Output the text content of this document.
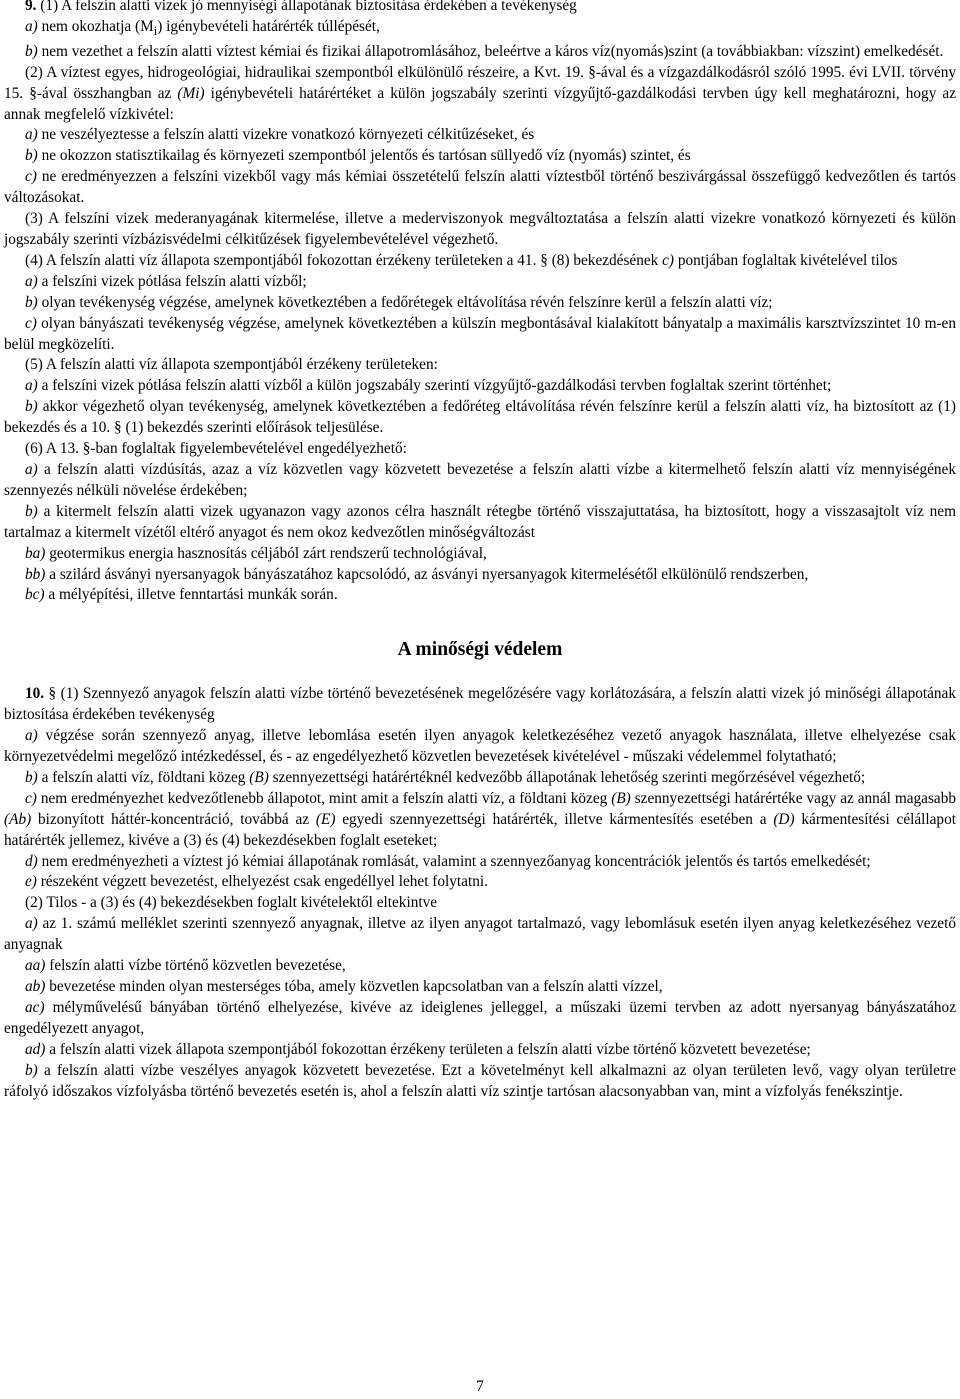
9. (1) A felszín alatti vizek jó mennyiségi állapotának biztosítása érdekében a tevékenység

a) nem okozhatja $(M_i)$ igénybevételi határérték túllépését,

b) nem vezethet a felszín alatti víztest kémiai és fizikai állapotromlásához, beleértve a káros víz(nyomás)szint (a továbbiakban: vízszint) emelkedését.

(2) A víztest egyes, hidrogeológiai, hidraulikai szempontból elkülönülő részeire, a Kvt. 19. §-ával és a vízgazdálkodásról szóló 1995. évi LVII. törvény 15. §-ával összhangban az (Mi) igénybevételi határértéket a külön jogszabály szerinti vízgyűjtő-gazdálkodási tervben úgy kell meghatározni, hogy az annak megfelelő vízkivétel:

a) ne veszélyeztesse a felszín alatti vizekre vonatkozó környezeti célkitűzéseket, és

b) ne okozzon statisztikailag és környezeti szempontból jelentős és tartósan süllyedő víz (nyomás) szintet, és

c) ne eredményezzen a felszíni vizekből vagy más kémiai összetételű felszín alatti víztestből történő beszivárgással összefüggő kedvezőtlen és tartós változásokat.

(3) A felszíni vizek mederanyagának kitermelése, illetve a mederviszonyok megváltoztatása a felszín alatti vizekre vonatkozó környezeti és külön jogszabály szerinti vízbázisvédelmi célkitűzések figyelembevételével végezhető.

(4) A felszín alatti víz állapota szempontjából fokozottan érzékeny területeken a 41. § (8) bekezdésének c) pontjában foglaltak kivételével tilos

a) a felszíni vizek pótlása felszín alatti vízből;

b) olyan tevékenység végzése, amelynek következtében a fedőrétegek eltávolítása révén felszínre kerül a felszín alatti víz;

c) olyan bányászati tevékenység végzése, amelynek következtében a külszín megbontásával kialakított bányatalp a maximális karsztvízszintet 10 m-en belül megközelíti.

(5) A felszín alatti víz állapota szempontjából érzékeny területeken:

a) a felszíni vizek pótlása felszín alatti vízből a külön jogszabály szerinti vízgyűjtő-gazdálkodási tervben foglaltak szerint történhet;

b) akkor végezhető olyan tevékenység, amelynek következtében a fedőréteg eltávolítása révén felszínre kerül a felszín alatti víz, ha biztosított az (1) bekezdés és a 10. § (1) bekezdés szerinti előírások teljesülése.

(6) A 13. §-ban foglaltak figyelembevételével engedélyezhető:

a) a felszín alatti vízdúsítás, azaz a víz közvetlen vagy közvetett bevezetése a felszín alatti vízbe a kitermelhető felszín alatti víz mennyiségének szennyezés nélküli növelése érdekében;

b) a kitermelt felszín alatti vizek ugyanazon vagy azonos célra használt rétegbe történő visszajuttatása, ha biztosított, hogy a visszasajtolt víz nem tartalmaz a kitermelt vízétől eltérő anyagot és nem okoz kedvezőtlen minőségváltozást

ba) geotermikus energia hasznosítás céljából zárt rendszerű technológiával,

bb) a szilárd ásványi nyersanyagok bányászatához kapcsolódó, az ásványi nyersanyagok kitermelésétől elkülönülő rendszerben,

bc) a mélyépítési, illetve fenntartási munkák során.

A minőségi védelem

10. § (1) Szennyező anyagok felszín alatti vízbe történő bevezetésének megelőzésére vagy korlátozására, a felszín alatti vizek jó minőségi állapotának biztosítása érdekében tevékenység

a) végzése során szennyező anyag, illetve lebomlása esetén ilyen anyagok keletkezéséhez vezető anyagok használata, illetve elhelyezése csak környezetvédelmi megelőző intézkedéssel, és - az engedélyezhető közvetlen bevezetések kivételével - műszaki védelemmel folytatható;

b) a felszín alatti víz, földtani közeg (B) szennyezettségi határértéknél kedvezőbb állapotának lehetőség szerinti megőrzésével végezhető;

c) nem eredményezhet kedvezőtlenebb állapotot, mint amit a felszín alatti víz, a földtani közeg (B) szennyezettségi határértéke vagy az annál magasabb (Ab) bizonyított háttér-koncentráció, továbbá az (E) egyedi szennyezettségi határérték, illetve kármentesítés esetében a (D) kármentesítési célállapot határérték jellemez, kivéve a (3) és (4) bekezdésekben foglalt eseteket;

d) nem eredményezheti a víztest jó kémiai állapotának romlását, valamint a szennyezőanyag koncentrációk jelentős és tartós emelkedését;

e) részeként végzett bevezetést, elhelyezést csak engedéllyel lehet folytatni.

(2) Tilos - a (3) és (4) bekezdésekben foglalt kivételektől eltekintve

a) az 1. számú melléklet szerinti szennyező anyagnak, illetve az ilyen anyagot tartalmazó, vagy lebomlásuk esetén ilyen anyag keletkezéséhez vezető anyagnak

aa) felszín alatti vízbe történő közvetlen bevezetése,

ab) bevezetése minden olyan mesterséges tóba, amely közvetlen kapcsolatban van a felszín alatti vízzel,

ac) mélyművelésű bányában történő elhelyezése, kivéve az ideiglenes jelleggel, a műszaki üzemi tervben az adott nyersanyag bányászatához engedélyezett anyagot,

ad) a felszín alatti vizek állapota szempontjából fokozottan érzékeny területen a felszín alatti vízbe történő közvetett bevezetése;

b) a felszín alatti vízbe veszélyes anyagok közvetett bevezetése. Ezt a követelményt kell alkalmazni az olyan területen levő, vagy olyan területre ráfolyó időszakos vízfolyásba történő bevezetés esetén is, ahol a felszín alatti víz szintje tartósan alacsonyabban van, mint a vízfolyás fenékszintje.

7
